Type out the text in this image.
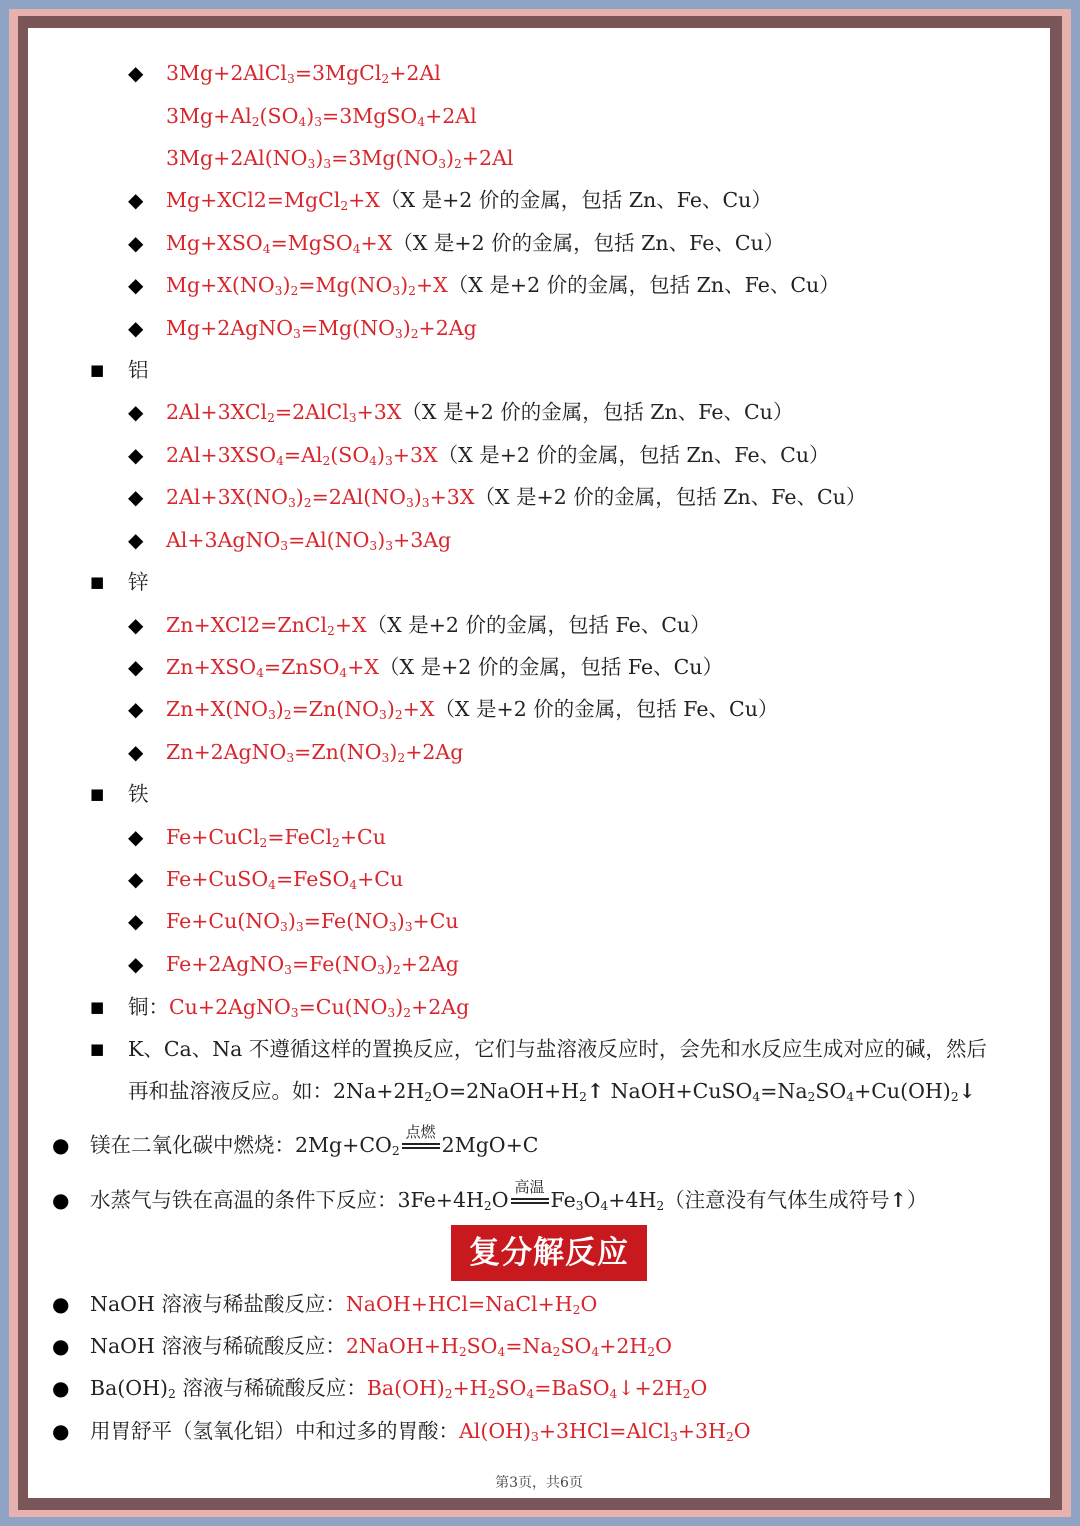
◆ 3Mg+2AlCl$_3$=3MgCl$_2$+2Al
$3Mg+Al_2(SO_4)_3=3MgSO_4+2Al$
$3Mg+2Al(NO_3)_3=3Mg(NO_3)_2+2Al$
◆ Mg+XCl2=MgCl$_2$+X（X 是+2 价的金属，包括 Zn、Fe、Cu）
◆ $Mg+XSO_4=MgSO_4+X(X$ 是+2 价的金属，包括 Zn、Fe、Cu）
◆ $Mg+X(NO_3)_2=Mg(NO_3)_2+X(X$ 是+2 价的金属，包括 Zn、Fe、Cu）
◆ $Mg+2AgNO_3=Mg(NO_3)_2+2Ag$
■ 铝
◆ 2Al+3XCl$_2$=2AlCl$_3$+3X（X 是+2 价的金属，包括 Zn、Fe、Cu）
◆ $2Al+3XSO_4=Al_2(SO_4)_3+3X(X$ 是+2 价的金属，包括 Zn、Fe、Cu）
◆ $2Al+3X(NO_3)_2=2Al(NO_3)_3+3X(X$ 是+2 价的金属，包括 Zn、Fe、Cu）
◆ $Al+3AgNO_3=Al(NO_3)_3+3Ag$
■ 锌
◆ Zn+XCl2=ZnCl$_2$+X（X 是+2 价的金属，包括 Fe、Cu）
◆ $Zn+XSO_4=ZnSO_4+X(X$ 是+2 价的金属，包括 Fe、Cu）
◆ $Zn+X(NO_3)_2=Zn(NO_3)_2+X(X$ 是+2 价的金属，包括 Fe、Cu）
◆ $Zn+2AgNO_3=Zn(NO_3)_2+2Ag$
■ 铁
◆ Fe+CuCl$_2$=FeCl$_2$+Cu
◆ Fe+CuSO$_4$=FeSO$_4$+Cu
◆ $Fe+Cu(NO_3)_3=Fe(NO_3)_3+Cu$
◆ $Fe+2AgNO_3=Fe(NO_3)_2+2Ag$
■ 铜：$Cu+2AgNO_3=Cu(NO_3)_2+2Ag$
■ K、Ca、Na 不遵循这样的置换反应，它们与盐溶液反应时，会先和水反应生成对应的碱，然后
再和盐溶液反应。如：$2Na+2H_2O=2NaOH+H_2↑$ $NaOH+CuSO_4=Na_2SO_4+Cu(OH)_2↓$
● 镁在二氧化碳中燃烧：$2Mg+CO_2$
点燃
2MgO+C
● 水蒸气与铁在高温的条件下反应：$3Fe+4H_2O$
高温
$Fe_3O_4+4H_2$（注意没有气体生成符号↑）
复分解反应
● NaOH 溶液与稀盐酸反应：$NaOH+HCl=NaCl+H_2O$
● NaOH 溶液与稀硫酸反应：$2NaOH+H_2SO_4=Na_2SO_4+2H_2O$
● $Ba(OH)_2$ 溶液与稀硫酸反应：$Ba(OH)_2+H_2SO_4=BaSO_4↓+2H_2O$
● 用胃舒平（氢氧化铝）中和过多的胃酸：$Al(OH)_3+3HCl=AlCl_3+3H_2O$
第3页，共6页
